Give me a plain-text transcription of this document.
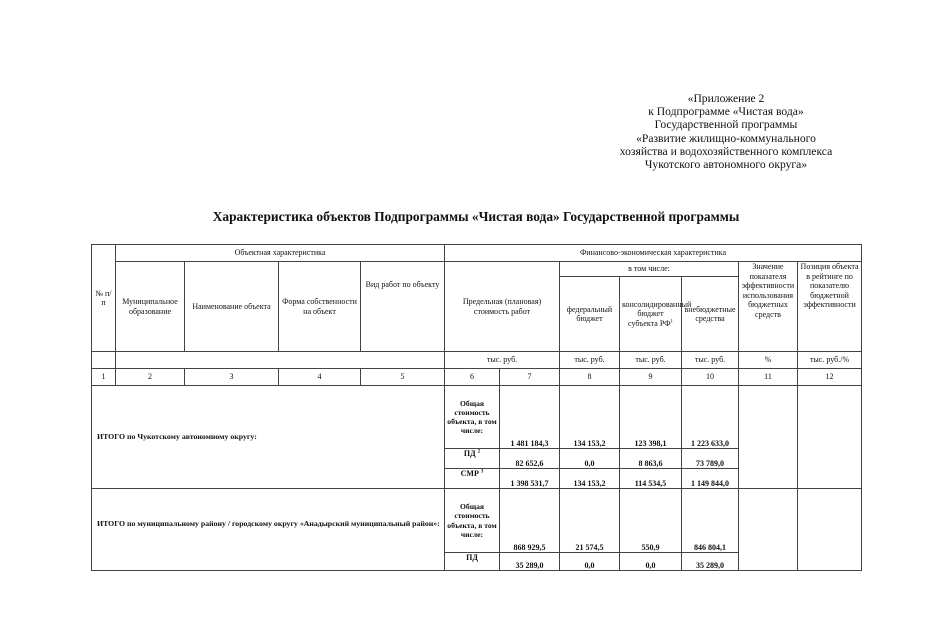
«Приложение 2
к Подпрограмме «Чистая вода»
Государственной программы
«Развитие жилищно-коммунального
хозяйства и водохозяйственного комплекса
Чукотского автономного округа»
Характеристика объектов Подпрограммы «Чистая вода» Государственной программы
№ п/п	Объектная характеристика				Финансово-экономическая характеристика						
	Муниципальное образование	Наименование объекта	Форма собственности на объект	Вид работ по объекту	Предельная (плановая) стоимость работ		в том числе:			Значение показателя эффективности использования бюджетных средств	Позиция объекта в рейтинге по показателю бюджетной эффективности
							федеральный бюджет	консолидированный бюджет субъекта $РФ^1$	внебюджетные средства		
					тыс. руб.		тыс. руб.	тыс. руб.	тыс. руб.	%	тыс. руб./%
1	2	3	4	5	6	7	8	9	10	11	12
ИТОГО по Чукотскому автономному округу:					Общая стоимость объекта, в том числе:	1 481 184,3	134 153,2	123 398,1	1 223 633,0		
					ПД $^2$	82 652,6	0,0	8 863,6	73 789,0		
					СМР $^3$	1 398 531,7	134 153,2	114 534,5	1 149 844,0		
ИТОГО по муниципальному району / городскому округу «Анадырский муниципальный район»:					Общая стоимость объекта, в том числе:	868 929,5	21 574,5	550,9	846 804,1		
					ПД	35 289,0	0,0	0,0	35 289,0		
